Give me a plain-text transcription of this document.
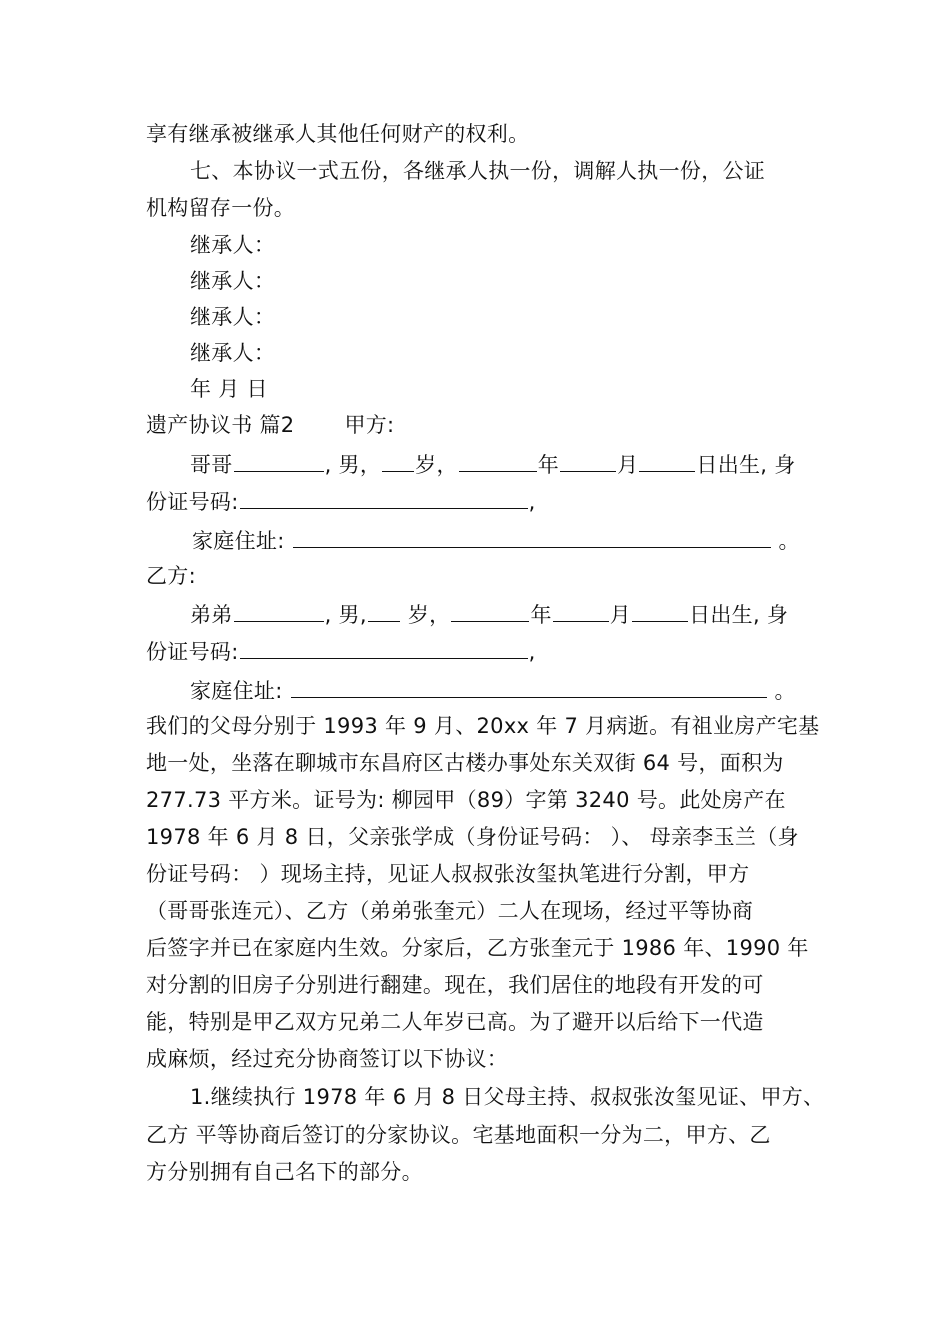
享有继承被继承人其他任何财产的权利。
七、本协议一式五份，各继承人执一份，调解人执一份，公证
机构留存一份。
继承人：
继承人：
继承人：
继承人：
年 月 日
遗产协议书 篇2 甲方:
哥哥	, 男， 岁，	年	月	日出生, 身
份证号码:	,
家庭住址:	。
乙方:
弟弟	, 男, 岁，	年	月	日出生, 身
份证号码:	,
家庭住址:	。
我们的父母分别于 1993 年 9 月、20xx 年 7 月病逝。有祖业房产宅基
地一处，坐落在聊城市东昌府区古楼办事处东关双街 64 号，面积为
277.73 平方米。证号为: 柳园甲（89）字第 3240 号。此处房产在
1978 年 6 月 8 日，父亲张学成（身份证号码： ）、 母亲李玉兰（身
份证号码： ）现场主持，见证人叔叔张汝玺执笔进行分割，甲方
（哥哥张连元）、乙方（弟弟张奎元）二人在现场，经过平等协商
后签字并已在家庭内生效。分家后，乙方张奎元于 1986 年、1990 年
对分割的旧房子分别进行翻建。现在，我们居住的地段有开发的可
能，特别是甲乙双方兄弟二人年岁已高。为了避开以后给下一代造
成麻烦，经过充分协商签订以下协议：
1.继续执行 1978 年 6 月 8 日父母主持、叔叔张汝玺见证、甲方、
乙方 平等协商后签订的分家协议。宅基地面积一分为二，甲方、乙
方分别拥有自己名下的部分。
